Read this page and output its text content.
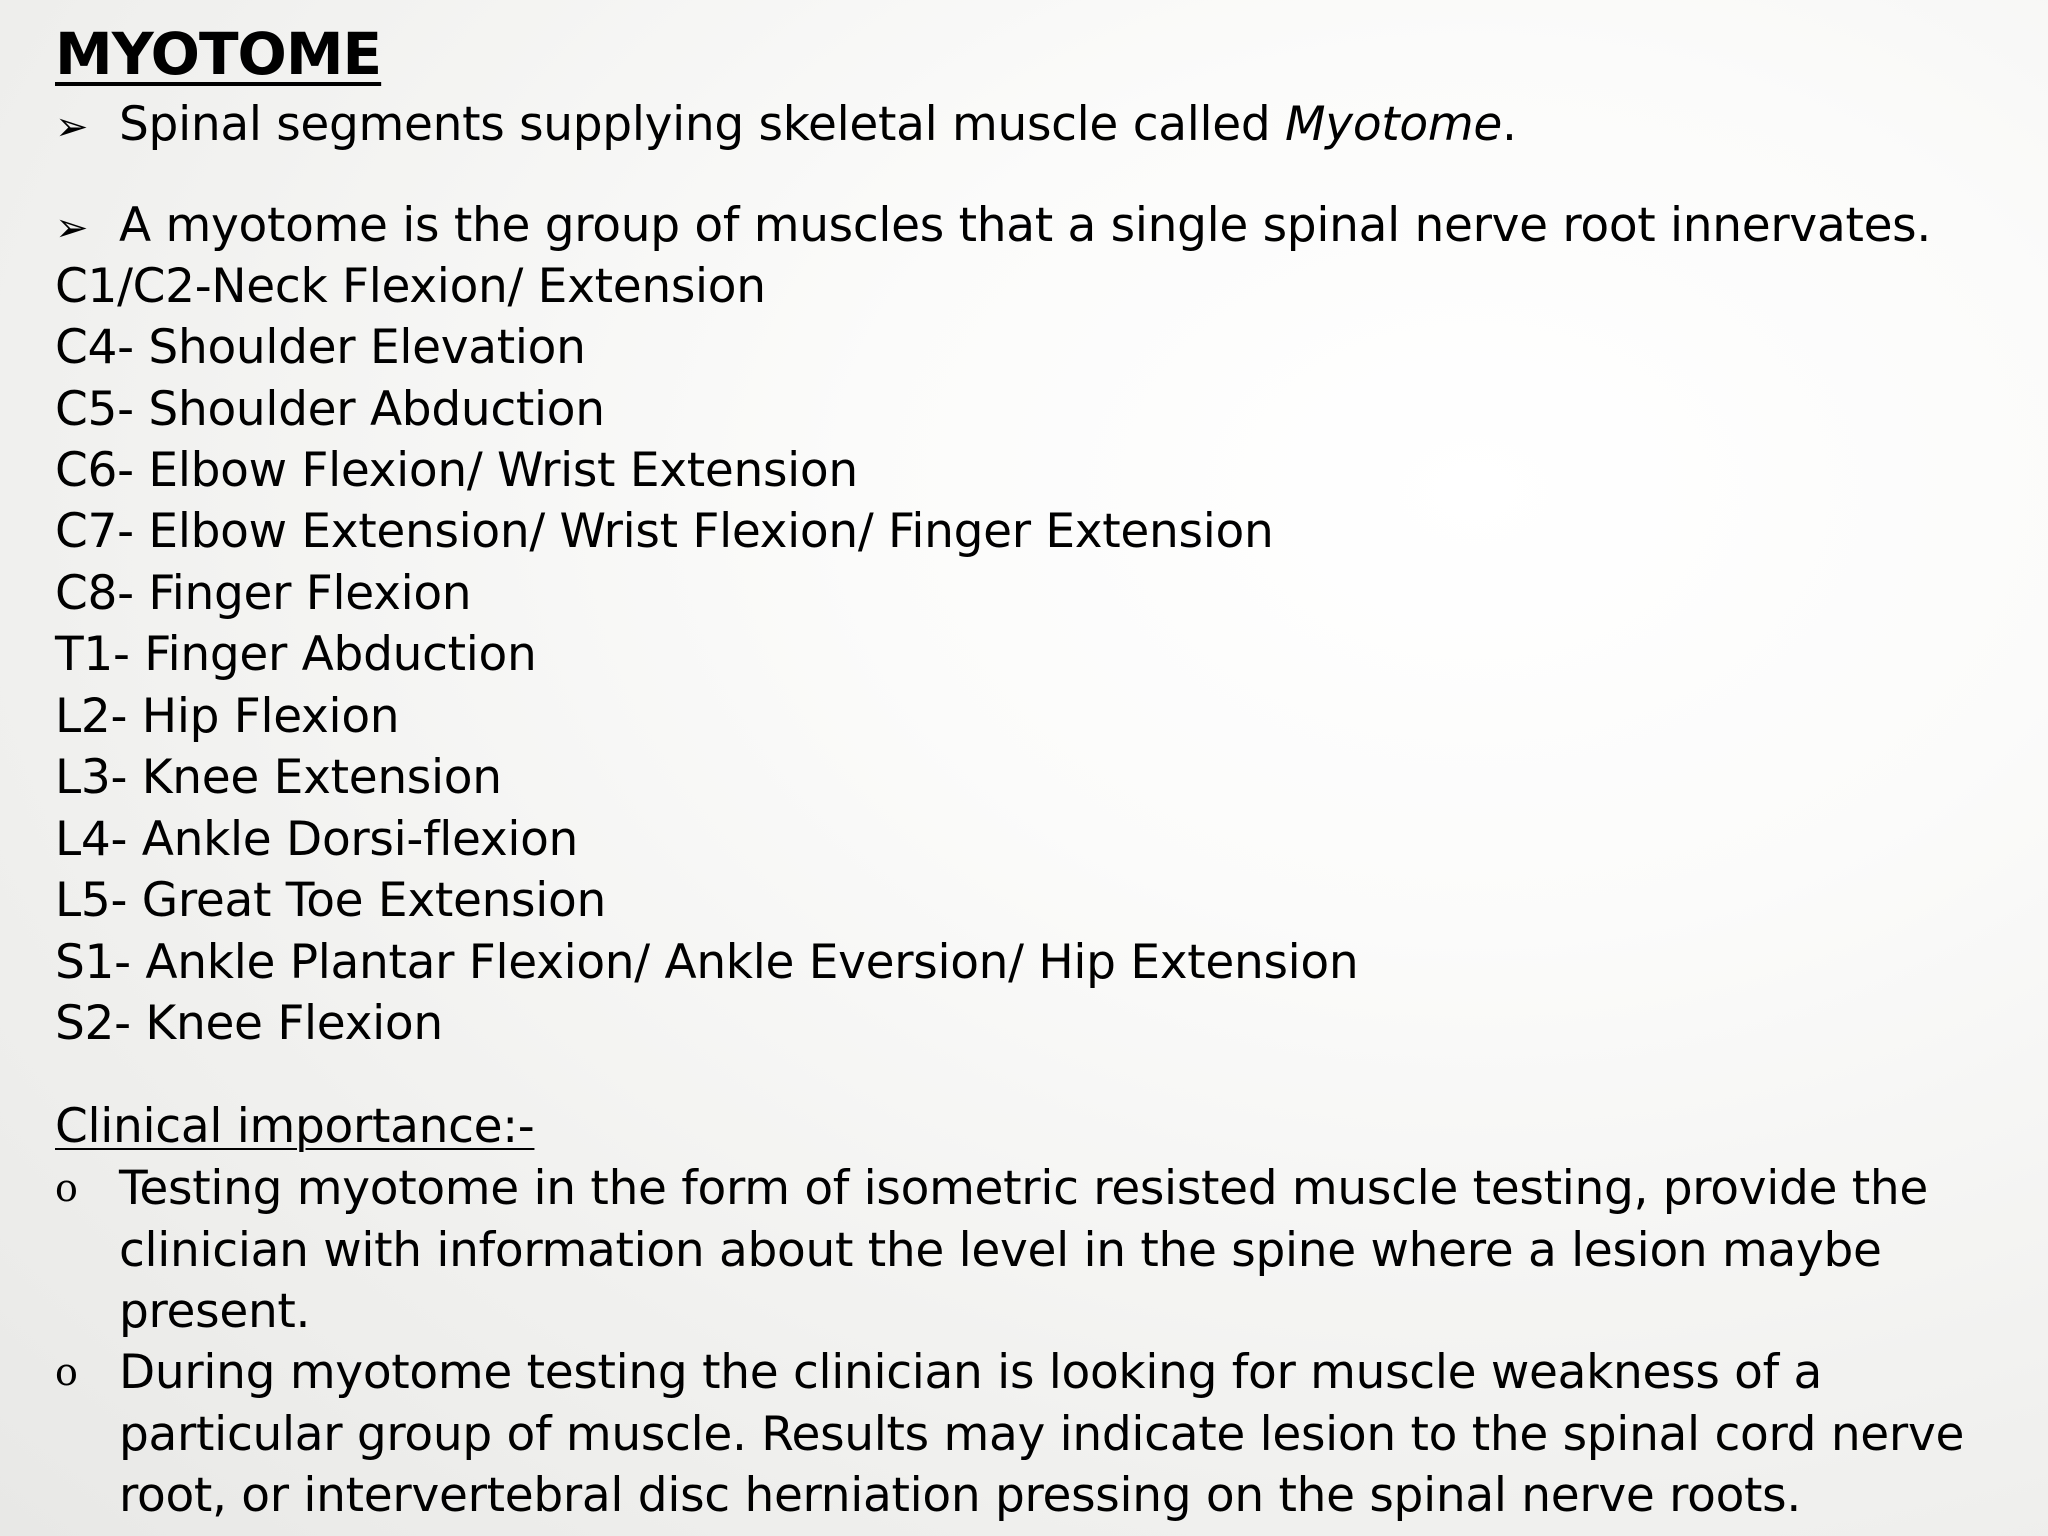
MYOTOME
➢ Spinal segments supplying skeletal muscle called Myotome.
➢ A myotome is the group of muscles that a single spinal nerve root innervates.
C1/C2-Neck Flexion/ Extension
C4- Shoulder Elevation
C5- Shoulder Abduction
C6- Elbow Flexion/ Wrist Extension
C7- Elbow Extension/ Wrist Flexion/ Finger Extension
C8- Finger Flexion
T1- Finger Abduction
L2- Hip Flexion
L3- Knee Extension
L4- Ankle Dorsi-flexion
L5- Great Toe Extension
S1- Ankle Plantar Flexion/ Ankle Eversion/ Hip Extension
S2- Knee Flexion
Clinical importance:-
o Testing myotome in the form of isometric resisted muscle testing, provide the clinician with information about the level in the spine where a lesion maybe present.
o During myotome testing the clinician is looking for muscle weakness of a particular group of muscle. Results may indicate lesion to the spinal cord nerve root, or intervertebral disc herniation pressing on the spinal nerve roots.
